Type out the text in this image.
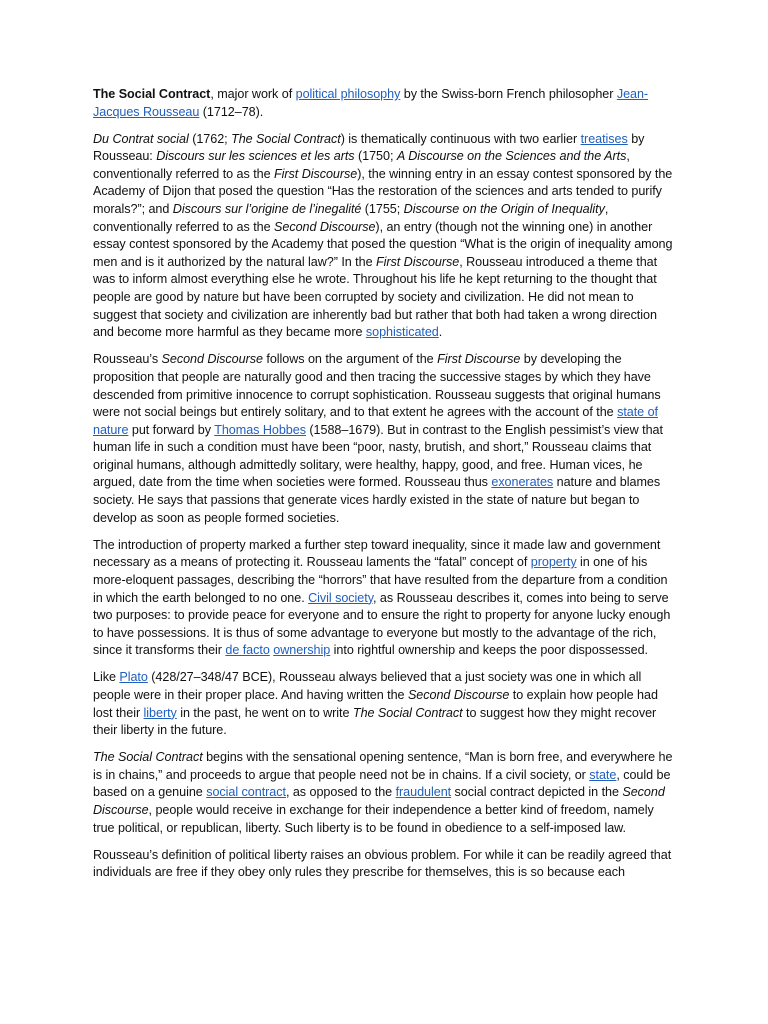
The Social Contract, major work of political philosophy by the Swiss-born French philosopher Jean-Jacques Rousseau (1712–78).

Du Contrat social (1762; The Social Contract) is thematically continuous with two earlier treatises by Rousseau: Discours sur les sciences et les arts (1750; A Discourse on the Sciences and the Arts, conventionally referred to as the First Discourse), the winning entry in an essay contest sponsored by the Academy of Dijon that posed the question “Has the restoration of the sciences and arts tended to purify morals?”; and Discours sur l’origine de l’inegalité (1755; Discourse on the Origin of Inequality, conventionally referred to as the Second Discourse), an entry (though not the winning one) in another essay contest sponsored by the Academy that posed the question “What is the origin of inequality among men and is it authorized by the natural law?” In the First Discourse, Rousseau introduced a theme that was to inform almost everything else he wrote. Throughout his life he kept returning to the thought that people are good by nature but have been corrupted by society and civilization. He did not mean to suggest that society and civilization are inherently bad but rather that both had taken a wrong direction and become more harmful as they became more sophisticated.

Rousseau’s Second Discourse follows on the argument of the First Discourse by developing the proposition that people are naturally good and then tracing the successive stages by which they have descended from primitive innocence to corrupt sophistication. Rousseau suggests that original humans were not social beings but entirely solitary, and to that extent he agrees with the account of the state of nature put forward by Thomas Hobbes (1588–1679). But in contrast to the English pessimist’s view that human life in such a condition must have been “poor, nasty, brutish, and short,” Rousseau claims that original humans, although admittedly solitary, were healthy, happy, good, and free. Human vices, he argued, date from the time when societies were formed. Rousseau thus exonerates nature and blames society. He says that passions that generate vices hardly existed in the state of nature but began to develop as soon as people formed societies.

The introduction of property marked a further step toward inequality, since it made law and government necessary as a means of protecting it. Rousseau laments the “fatal” concept of property in one of his more-eloquent passages, describing the “horrors” that have resulted from the departure from a condition in which the earth belonged to no one. Civil society, as Rousseau describes it, comes into being to serve two purposes: to provide peace for everyone and to ensure the right to property for anyone lucky enough to have possessions. It is thus of some advantage to everyone but mostly to the advantage of the rich, since it transforms their de facto ownership into rightful ownership and keeps the poor dispossessed.

Like Plato (428/27–348/47 BCE), Rousseau always believed that a just society was one in which all people were in their proper place. And having written the Second Discourse to explain how people had lost their liberty in the past, he went on to write The Social Contract to suggest how they might recover their liberty in the future.

The Social Contract begins with the sensational opening sentence, “Man is born free, and everywhere he is in chains,” and proceeds to argue that people need not be in chains. If a civil society, or state, could be based on a genuine social contract, as opposed to the fraudulent social contract depicted in the Second Discourse, people would receive in exchange for their independence a better kind of freedom, namely true political, or republican, liberty. Such liberty is to be found in obedience to a self-imposed law.

Rousseau’s definition of political liberty raises an obvious problem. For while it can be readily agreed that individuals are free if they obey only rules they prescribe for themselves, this is so because each
